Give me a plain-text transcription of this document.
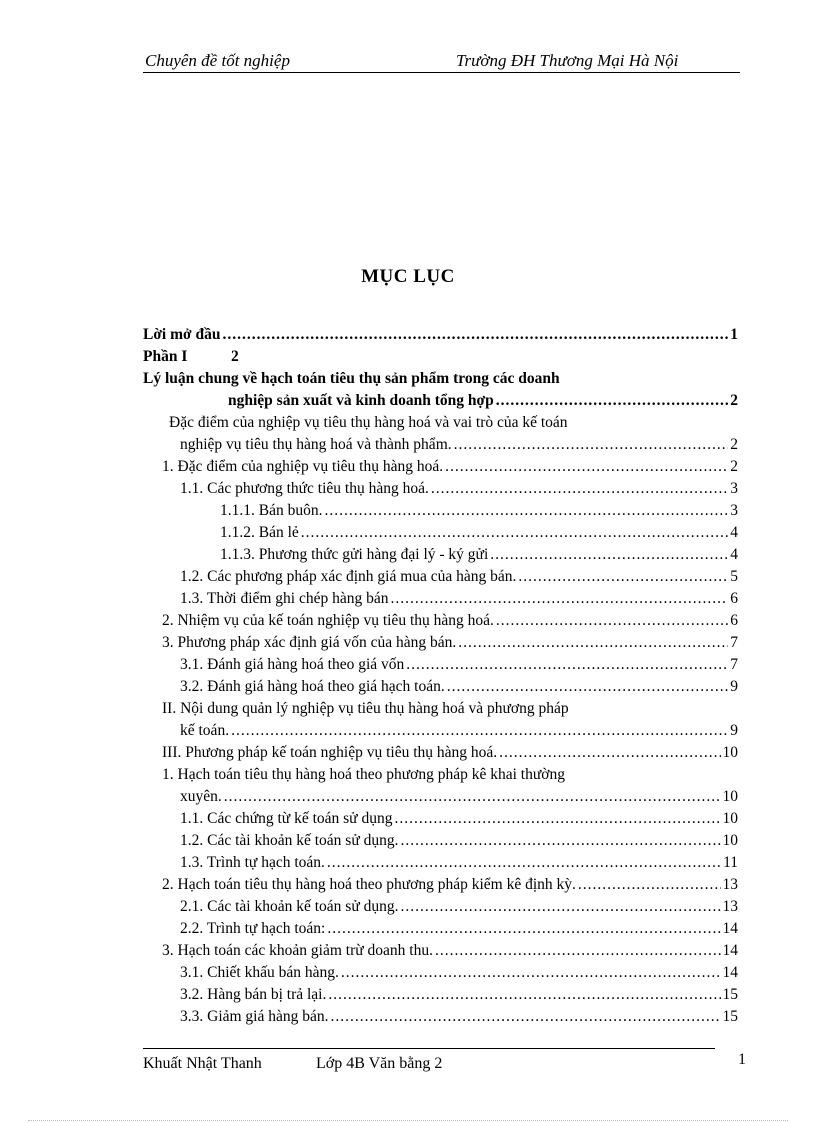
Chuyên đề tốt nghiệp	Trường ĐH Thương Mại Hà Nội
MỤC LỤC
Lời mở đầu .....	1
Phần I	2
Lý luận chung về hạch toán tiêu thụ sản phẩm trong các doanh
nghiệp sản xuất và kinh doanh tổng hợp .....	2
Đặc điểm của nghiệp vụ tiêu thụ hàng hoá và vai trò của kế toán
nghiệp vụ tiêu thụ hàng hoá và thành phẩm. .....	2
1. Đặc điểm của nghiệp vụ tiêu thụ hàng hoá. .....	2
1.1. Các phương thức tiêu thụ hàng hoá. .....	3
1.1.1. Bán buôn. .....	3
1.1.2. Bán lẻ .....	4
1.1.3. Phương thức gửi hàng đại lý - ký gửi .....	4
1.2. Các phương pháp xác định giá mua của hàng bán. .....	5
1.3. Thời điểm ghi chép hàng bán .....	6
2. Nhiệm vụ của kế toán nghiệp vụ tiêu thụ hàng hoá. .....	6
3. Phương pháp xác định giá vốn của hàng bán. .....	7
3.1. Đánh giá hàng hoá theo giá vốn .....	7
3.2. Đánh giá hàng hoá theo giá hạch toán. .....	9
II. Nội dung quản lý nghiệp vụ tiêu thụ hàng hoá và phương pháp
kế toán. .....	9
III. Phương pháp kế toán nghiệp vụ tiêu thụ hàng hoá. .....	10
1. Hạch toán tiêu thụ hàng hoá theo phương pháp kê khai thường
xuyên. .....	10
1.1. Các chứng từ kế toán sử dụng .....	10
1.2. Các tài khoản kế toán sử dụng. .....	10
1.3. Trình tự hạch toán. .....	11
2. Hạch toán tiêu thụ hàng hoá theo phương pháp kiểm kê định kỳ. .....	13
2.1. Các tài khoản kế toán sử dụng. .....	13
2.2. Trình tự hạch toán: .....	14
3. Hạch toán các khoản giảm trừ doanh thu. .....	14
3.1. Chiết khấu bán hàng. .....	14
3.2. Hàng bán bị trả lại. .....	15
3.3. Giảm giá hàng bán. .....	15
Khuất Nhật Thanh	Lớp 4B Văn bằng 2	1
